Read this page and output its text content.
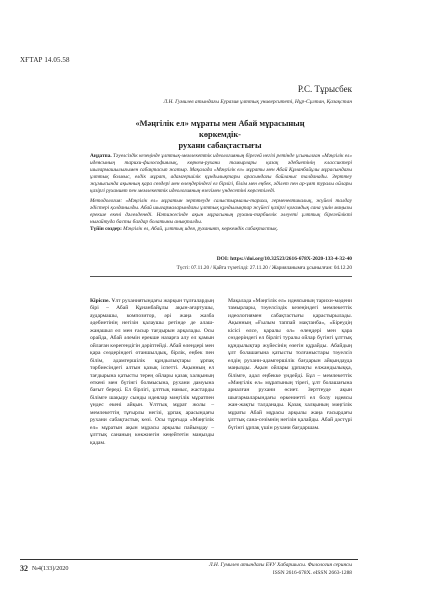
ХҒТАР 14.05.58
Р.С. Тұрысбек
Л.Н. Гумилев атындағы Еуразия ұлттық университеті, Нұр-Сұлтан, Қазақстан
«Мәңгілік ел» мұраты мен Абай мұрасының көркемдік-
рухани сабақтастығы
Аңдатпа. Тәуелсіздік кезеңінде ұлттық-мемлекеттік идеологияның бірегей негізі ретінде ұсынылған «Мәңгілік ел» идеясының тарихи-философиялық, көркем-рухани тамырлары қазақ әдебиетінің классиктері шығармашылығымен сабақтасып жатыр. Мақалада «Мәңгілік ел» мұраты мен Абай Құнанбайұлы мұрасындағы ұлттық болмыс, елдік мұрат, адамгершілік құндылықтары арасындағы байланыс талданады. Зерттеу жұмысында ақынның қара сөздері мен өлеңдеріндегі ел бірлігі, білім мен еңбек, әділет пен ар-ұят туралы ойлары қазіргі руханият пен мемлекеттік идеологияның өзегімен үндесетіні көрсетіледі.
Методология: «Мәңгілік ел» мұратын зерттеуде салыстырмалы-тарихи, герменевтикалық, жүйелі талдау әдістері қолданылды. Абай шығармаларындағы ұлттық құндылықтар жүйесі қазіргі қоғамдық сана үшін маңызы ерекше екені дәлелденеді. Нәтижесінде ақын мұрасының рухани-тәрбиелік әлеуеті ұлттық бірегейлікті нығайтуда басты бағдар болатыны анықталды.
Түйін сөздер: Мәңгілік ел, Абай, ұлттық идея, руханият, көркемдік сабақтастық.
DOI: https://doi.org/10.32523/2616-678X-2020-133-4-32-40
Түсті: 07.11.20 / Қайта түзетілді: 27.11.20 / Жарияланымға ұсынылған: 04.12.20

Кіріспе. Ұлт руханиятындағы жарқын тұлғалардың бірі – Абай Құнанбайұлы ақын-ағартушы, аудармашы, композитор, әрі жаңа жазба әдебиетінің негізін қалаушы ретінде де алаш-жаңашыл ел мен ғасыр тағдырын арқалады. Осы орайда, Абай әлемін ерекше назарға алу ел қамын ойлаған көрегендігін дәріптейді. Абай өлеңдері мен қара сөздеріндегі отаншылдық, бірлік, еңбек пен білім, адамгершілік құндылықтары ұрпақ тәрбиесіндегі алтын қазық іспетті. Ақынның ел тағдырына қатысты терең ойлары қазақ халқының өткені мен бүгінгі болмысына, рухани дамуына бағыт береді. Ел бірлігі, ұлттық намыс, жастарды білімге шақыру сынды идеялар мәңгілік мұратпен үндес екені айқын. Ұлттық мұрат жолы – мемлекеттің тұғырлы негізі, ұрпақ арасындағы рухани сабақтастық көзі. Осы тұрғыда «Мәңгілік ел» мұратын ақын мұрасы арқылы пайымдау – ұлттық сананың көкжиегін кеңейтетін маңызды қадам.

Мақалада «Мәңгілік ел» идеясының тарихи-мәдени тамырлары, тәуелсіздік кезеңіндегі мемлекеттік идеологиямен сабақтастығы қарастырылады. Ақынның «Ғылым таппай мақтанба», «Біреудің кісісі өлсе, қаралы ол» өлеңдері мен қара сөздеріндегі ел бірлігі туралы ойлар бүгінгі ұлттық құндылықтар жүйесінің өзегін құрайды. Абайдың ұлт болашағына қатысты толғаныстары тәуелсіз елдің рухани-адамгершілік бағдарын айқындауда маңызды. Ақын ойлары ұрпақты елжандылыққа, білімге, адал еңбекке үндейді. Бұл – мемлекеттік «Мәңгілік ел» мұратының тірегі, ұлт болашағына арналған рухани өсиет. Зерттеуде ақын шығармаларындағы өркениетті ел болу идеясы жан-жақты талданады. Қазақ халқының мәңгілік мұраты Абай мұрасы арқылы жаңа ғасырдағы ұлттық сана-сезімнің негізін қалайды. Абай дәстүрі бүгінгі ұрпақ үшін рухани бағдаршам.

32 №4(133)/2020	Л.Н. Гумилев атындағы ЕҰУ Хабаршысы. Филология сериясы
ISSN 2616-678X. eISSN 2663-1288
